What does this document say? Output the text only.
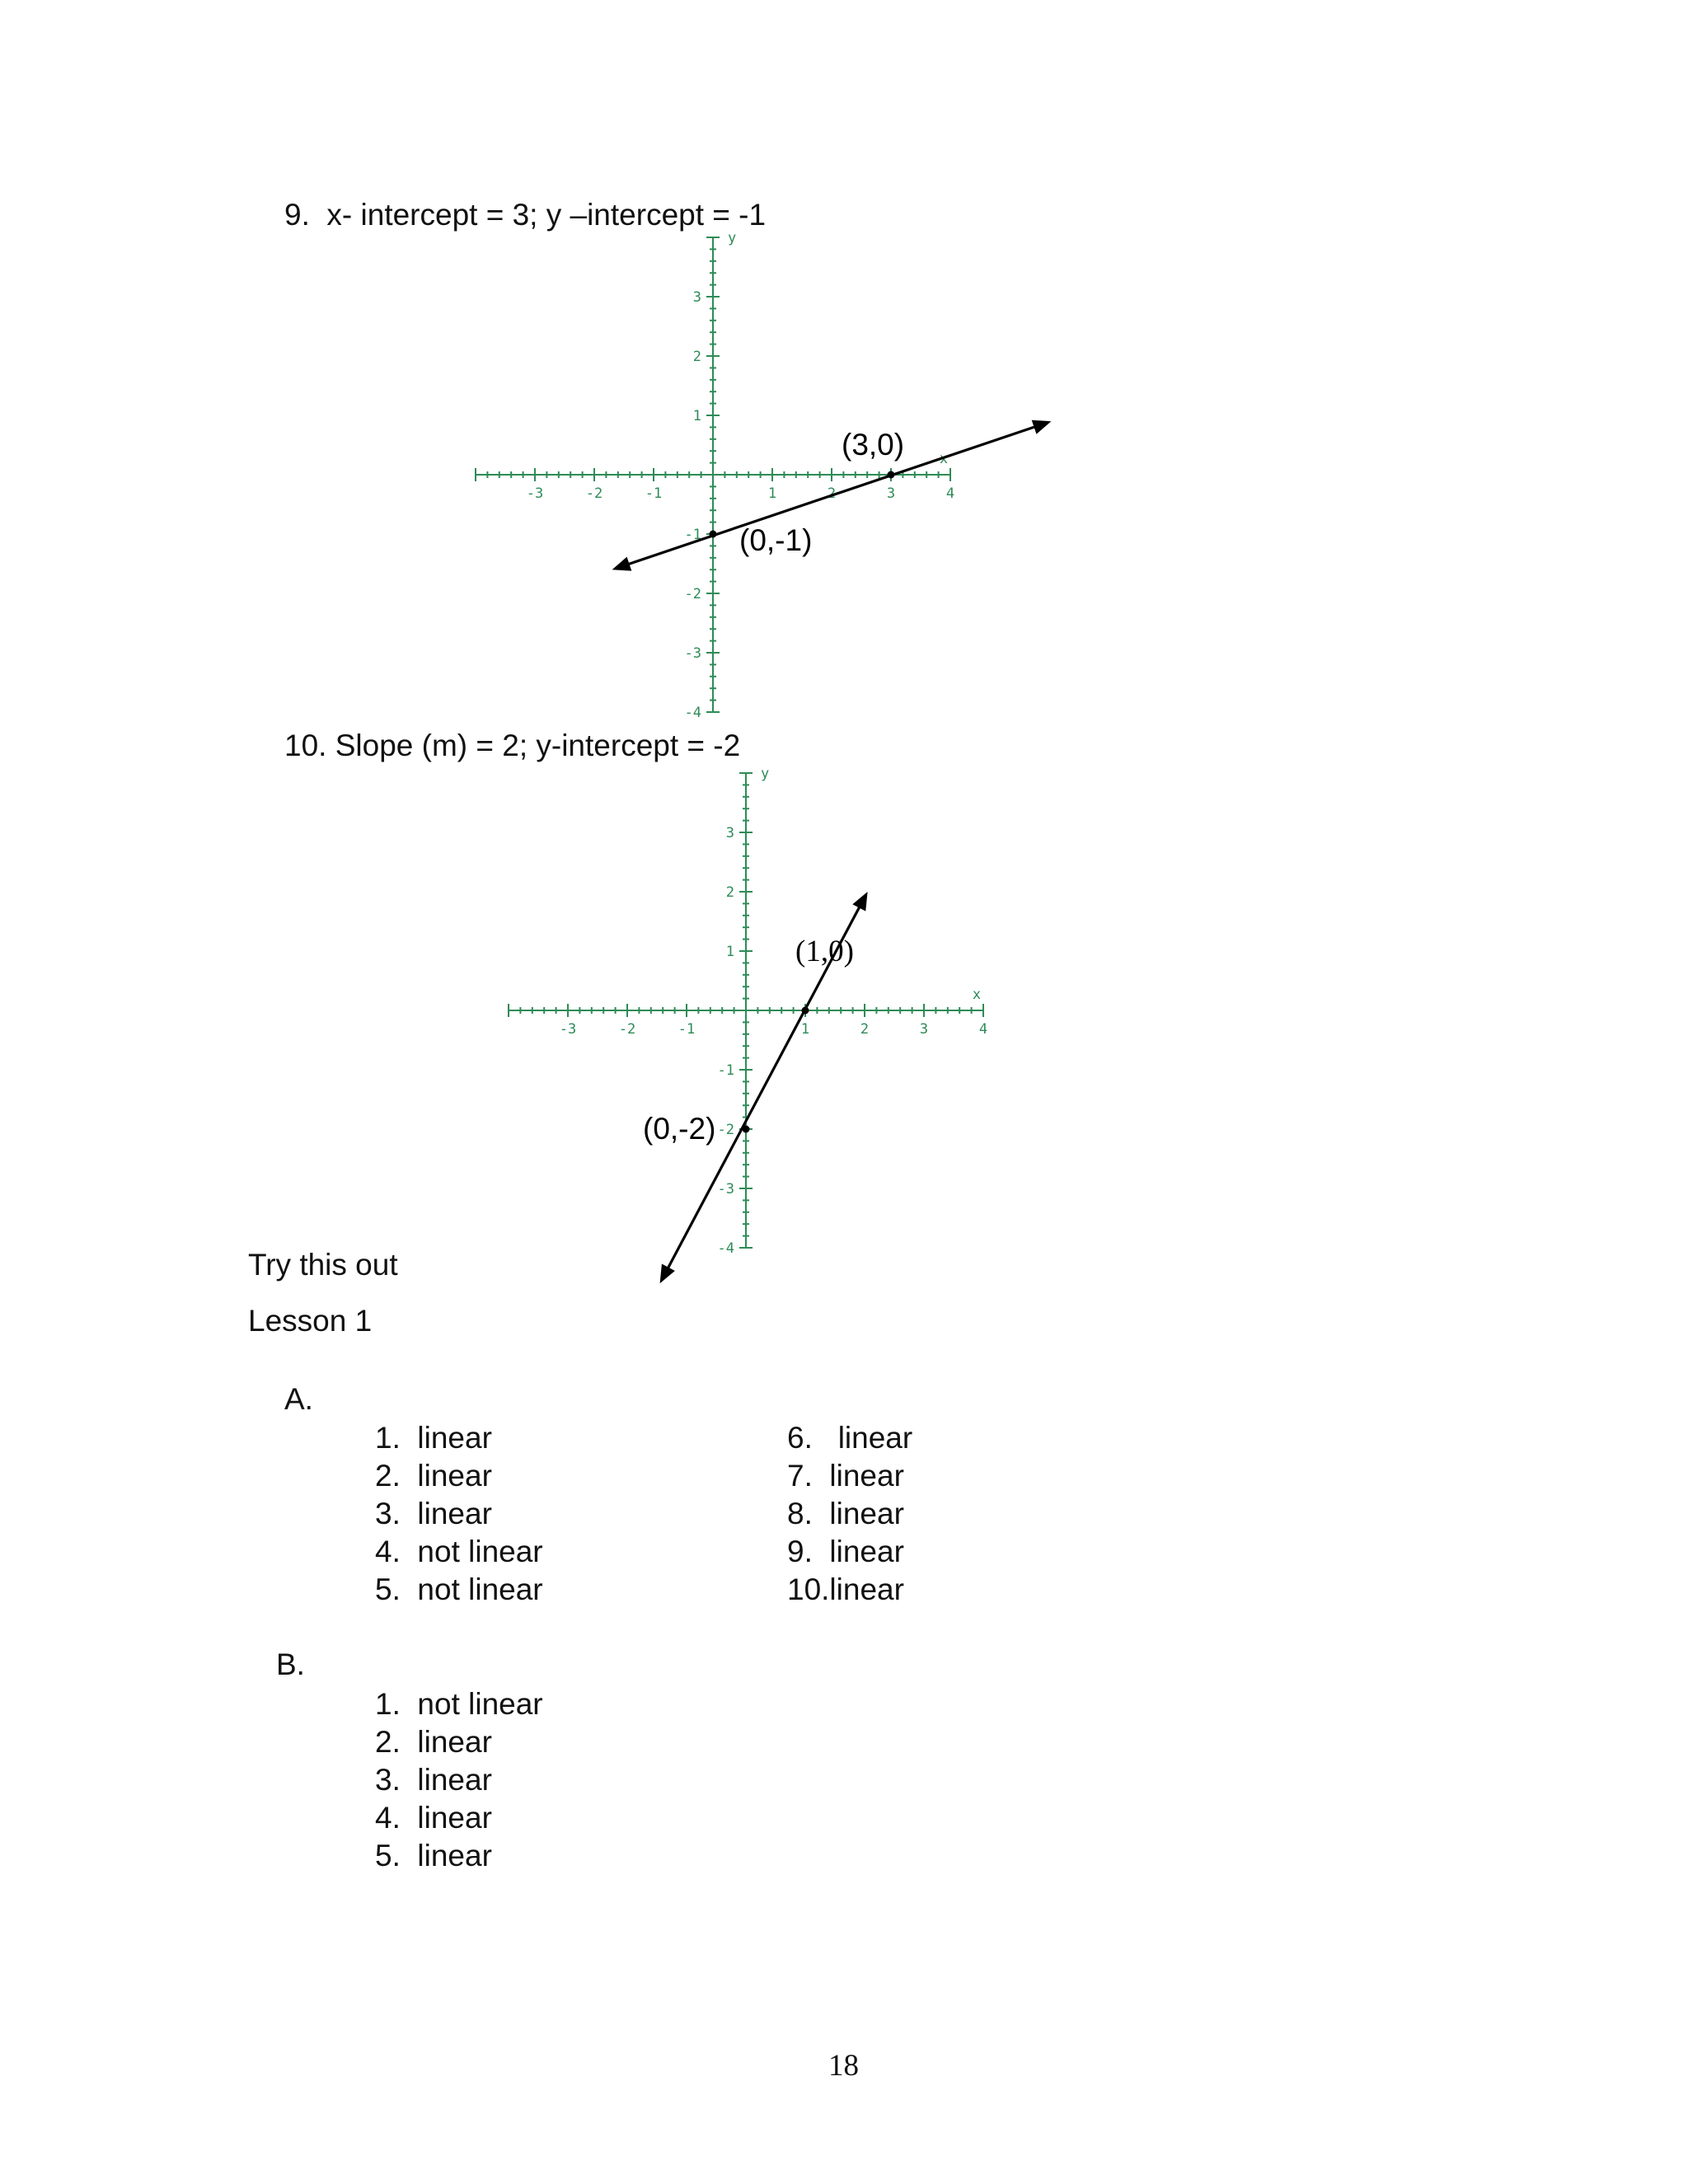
9.  x- intercept = 3; y –intercept = -1
-3	-2	-1	1	2	3	4
3
2
1
-1
-2
-3
-4
x
y
(3,0)
(0,-1)
10. Slope (m) = 2; y-intercept = -2
-3	-2	-1	1	2	3	4
3
2
1
-1
-2
-3
-4
x
y
(1,0)
(0,-2)
Try this out
Lesson 1
A.
1.  linear
2.  linear
3.  linear
4.  not linear
5.  not linear
6.   linear
7.  linear
8.  linear
9.  linear
10.linear
B.
1.  not linear
2.  linear
3.  linear
4.  linear
5.  linear
18
